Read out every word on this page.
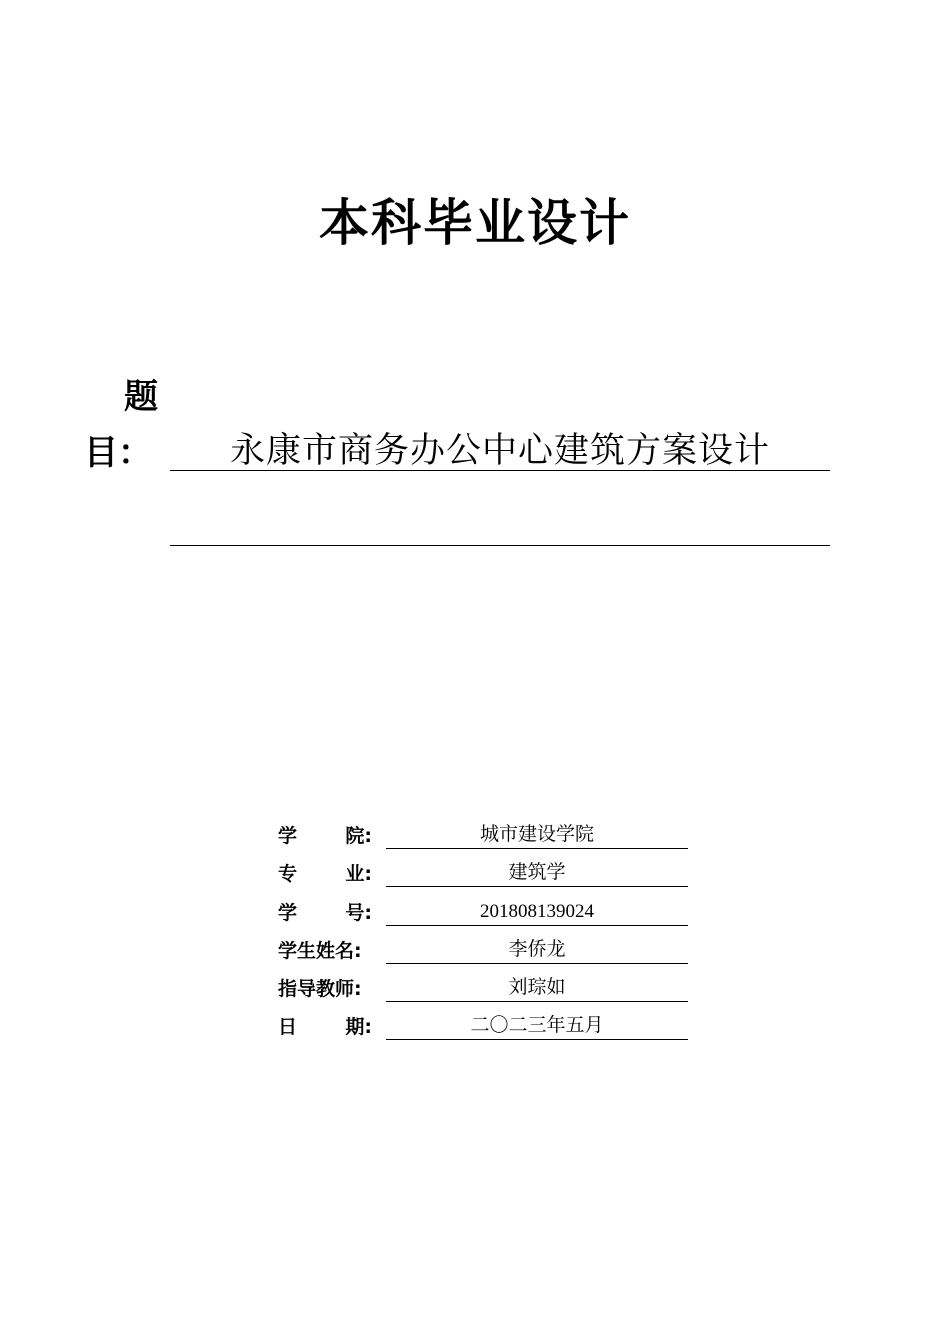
本科毕业设计
题
目：	永康市商务办公中心建筑方案设计
学	院:	城市建设学院
专	业:	建筑学
学	号:	201808139024
学生姓名:	李侨龙
指导教师:	刘琮如
日	期:	二〇二三年五月
